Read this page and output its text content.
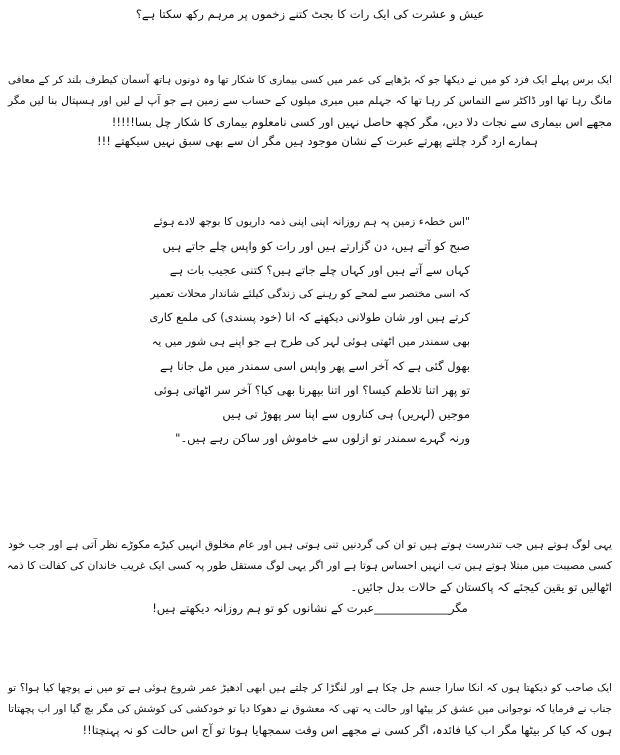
عیش و عشرت کی ایک رات کا بجٹ کتنے زخموں پر مرہم رکھ سکتا ہے؟
ایک برس پہلے ایک فرد کو میں نے دیکھا جو کہ بڑھاپے کی عمر میں کسی بیماری کا شکار تھا وہ دونوں ہاتھ آسمان کیطرف بلند کر کے معافی
مانگ رہا تھا اور ڈاکٹر سے التماس کر رہا تھا کہ جہلم میں میری میلوں کے حساب سے زمین ہے جو آپ لے لیں اور ہسپتال بنا لیں مگر
مجھے اس بیماری سے نجات دلا دیں، مگر کچھ حاصل نہیں اور کسی نامعلوم بیماری کا شکار چل بسا!!!!!
ہمارے ارد گرد چلتے پھرتے عبرت کے نشان موجود ہیں مگر ان سے بھی سبق نہیں سیکھتے !!!
"اس خطہء زمین پہ ہم روزانہ اپنی اپنی ذمہ داریوں کا بوجھ لادے ہوئے
صبح کو آتے ہیں، دن گزارتے ہیں اور رات کو واپس چلے جاتے ہیں
کہاں سے آتے ہیں اور کہاں چلے جاتے ہیں؟ کتنی عجیب بات ہے
کہ اسی مختصر سے لمحے کو رہنے کی زندگی کیلئے شاندار محلات تعمیر
کرتے ہیں اور شان طولانی دیکھتے کہ انا (خود پسندی) کی ملمع کاری
بھی سمندر میں اٹھتی ہوئی لہر کی طرح ہے جو اپنے ہی شور میں یہ
بھول گئی ہے کہ آخر اسے پھر واپس اسی سمندر میں مل جانا ہے
تو پھر اتنا تلاطم کیسا؟ اور اتنا بپھرنا بھی کیا؟ آخر سر اٹھاتی ہوئی
موجیں (لہریں) ہی کناروں سے اپنا سر پھوڑ تی ہیں
ورنہ گہرے سمندر تو ازلوں سے خاموش اور ساکن رہے ہیں۔"
یہی لوگ ہوتے ہیں جب تندرست ہوتے ہیں تو ان کی گردنیں تنی ہوتی ہیں اور عام مخلوق انہیں کیڑے مکوڑے نظر آتی ہے اور جب خود
کسی مصیبت میں مبتلا ہوتے ہیں تب انہیں احساس ہوتا ہے اور اگر یہی لوگ مستقل طور پہ کسی ایک غریب خاندان کی کفالت کا ذمہ
اٹھالیں تو یقین کیجئے کہ پاکستان کے حالات بدل جائیں۔
مگر_____________عبرت کے نشانوں کو تو ہم روزانہ دیکھتے ہیں!
ایک صاحب کو دیکھتا ہوں کہ انکا سارا جسم جل چکا ہے اور لنگڑا کر چلتے ہیں ابھی ادھیڑ عمر شروع ہوئی ہے تو میں نے پوچھا کیا ہوا؟ تو
جناب نے فرمایا کہ نوجوانی میں عشق کر بیٹھا اور حالت یہ تھی کہ معشوق نے دھوکا دیا تو خودکشی کی کوشش کی مگر بچ گیا اور اب پچھتاتا
ہوں کہ کیا کر بیٹھا مگر اب کیا فائدہ، اگر کسی نے مجھے اس وقت سمجھایا ہوتا تو آج اس حالت کو نہ پہنچتا!!
